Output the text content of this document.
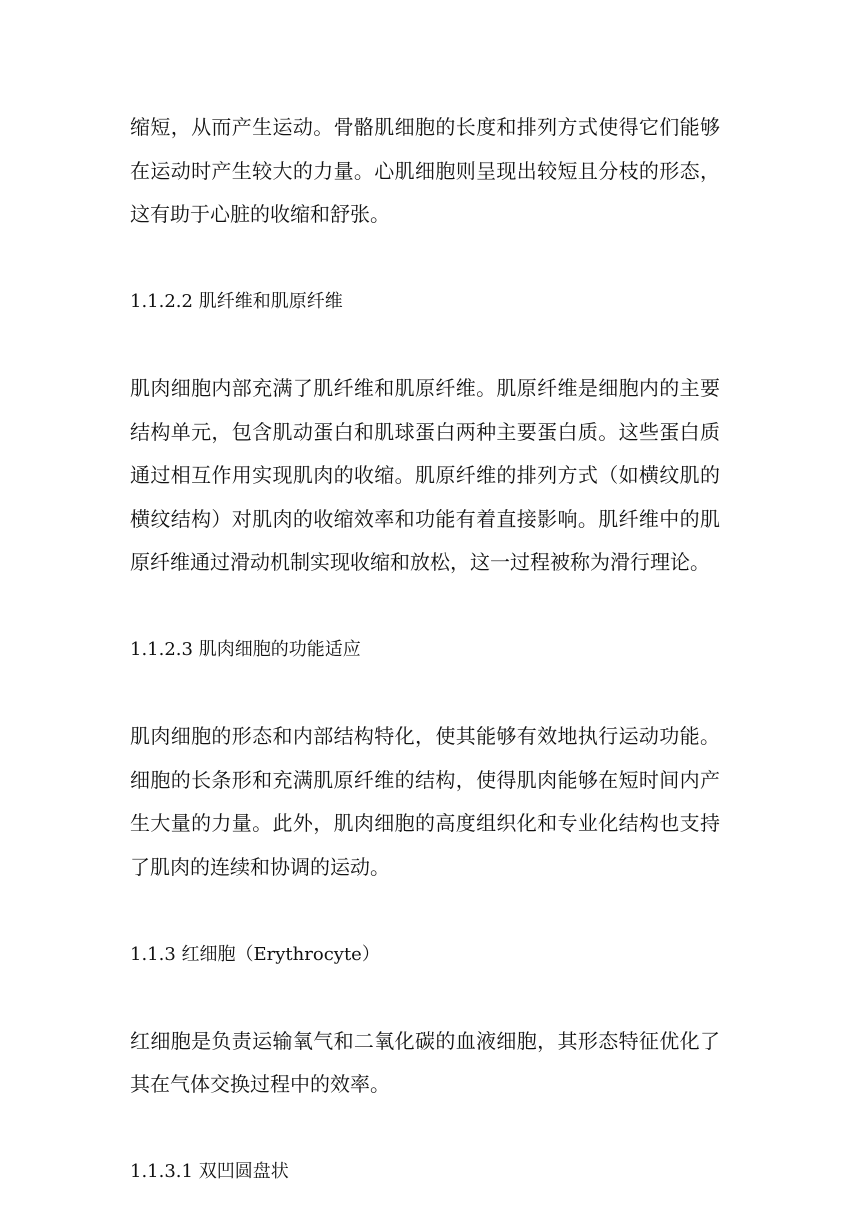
缩短，从而产生运动。骨骼肌细胞的长度和排列方式使得它们能够在运动时产生较大的力量。心肌细胞则呈现出较短且分枝的形态，这有助于心脏的收缩和舒张。

1.1.2.2 肌纤维和肌原纤维

肌肉细胞内部充满了肌纤维和肌原纤维。肌原纤维是细胞内的主要结构单元，包含肌动蛋白和肌球蛋白两种主要蛋白质。这些蛋白质通过相互作用实现肌肉的收缩。肌原纤维的排列方式（如横纹肌的横纹结构）对肌肉的收缩效率和功能有着直接影响。肌纤维中的肌原纤维通过滑动机制实现收缩和放松，这一过程被称为滑行理论。

1.1.2.3 肌肉细胞的功能适应

肌肉细胞的形态和内部结构特化，使其能够有效地执行运动功能。细胞的长条形和充满肌原纤维的结构，使得肌肉能够在短时间内产生大量的力量。此外，肌肉细胞的高度组织化和专业化结构也支持了肌肉的连续和协调的运动。

1.1.3 红细胞（Erythrocyte）

红细胞是负责运输氧气和二氧化碳的血液细胞，其形态特征优化了其在气体交换过程中的效率。

1.1.3.1 双凹圆盘状
